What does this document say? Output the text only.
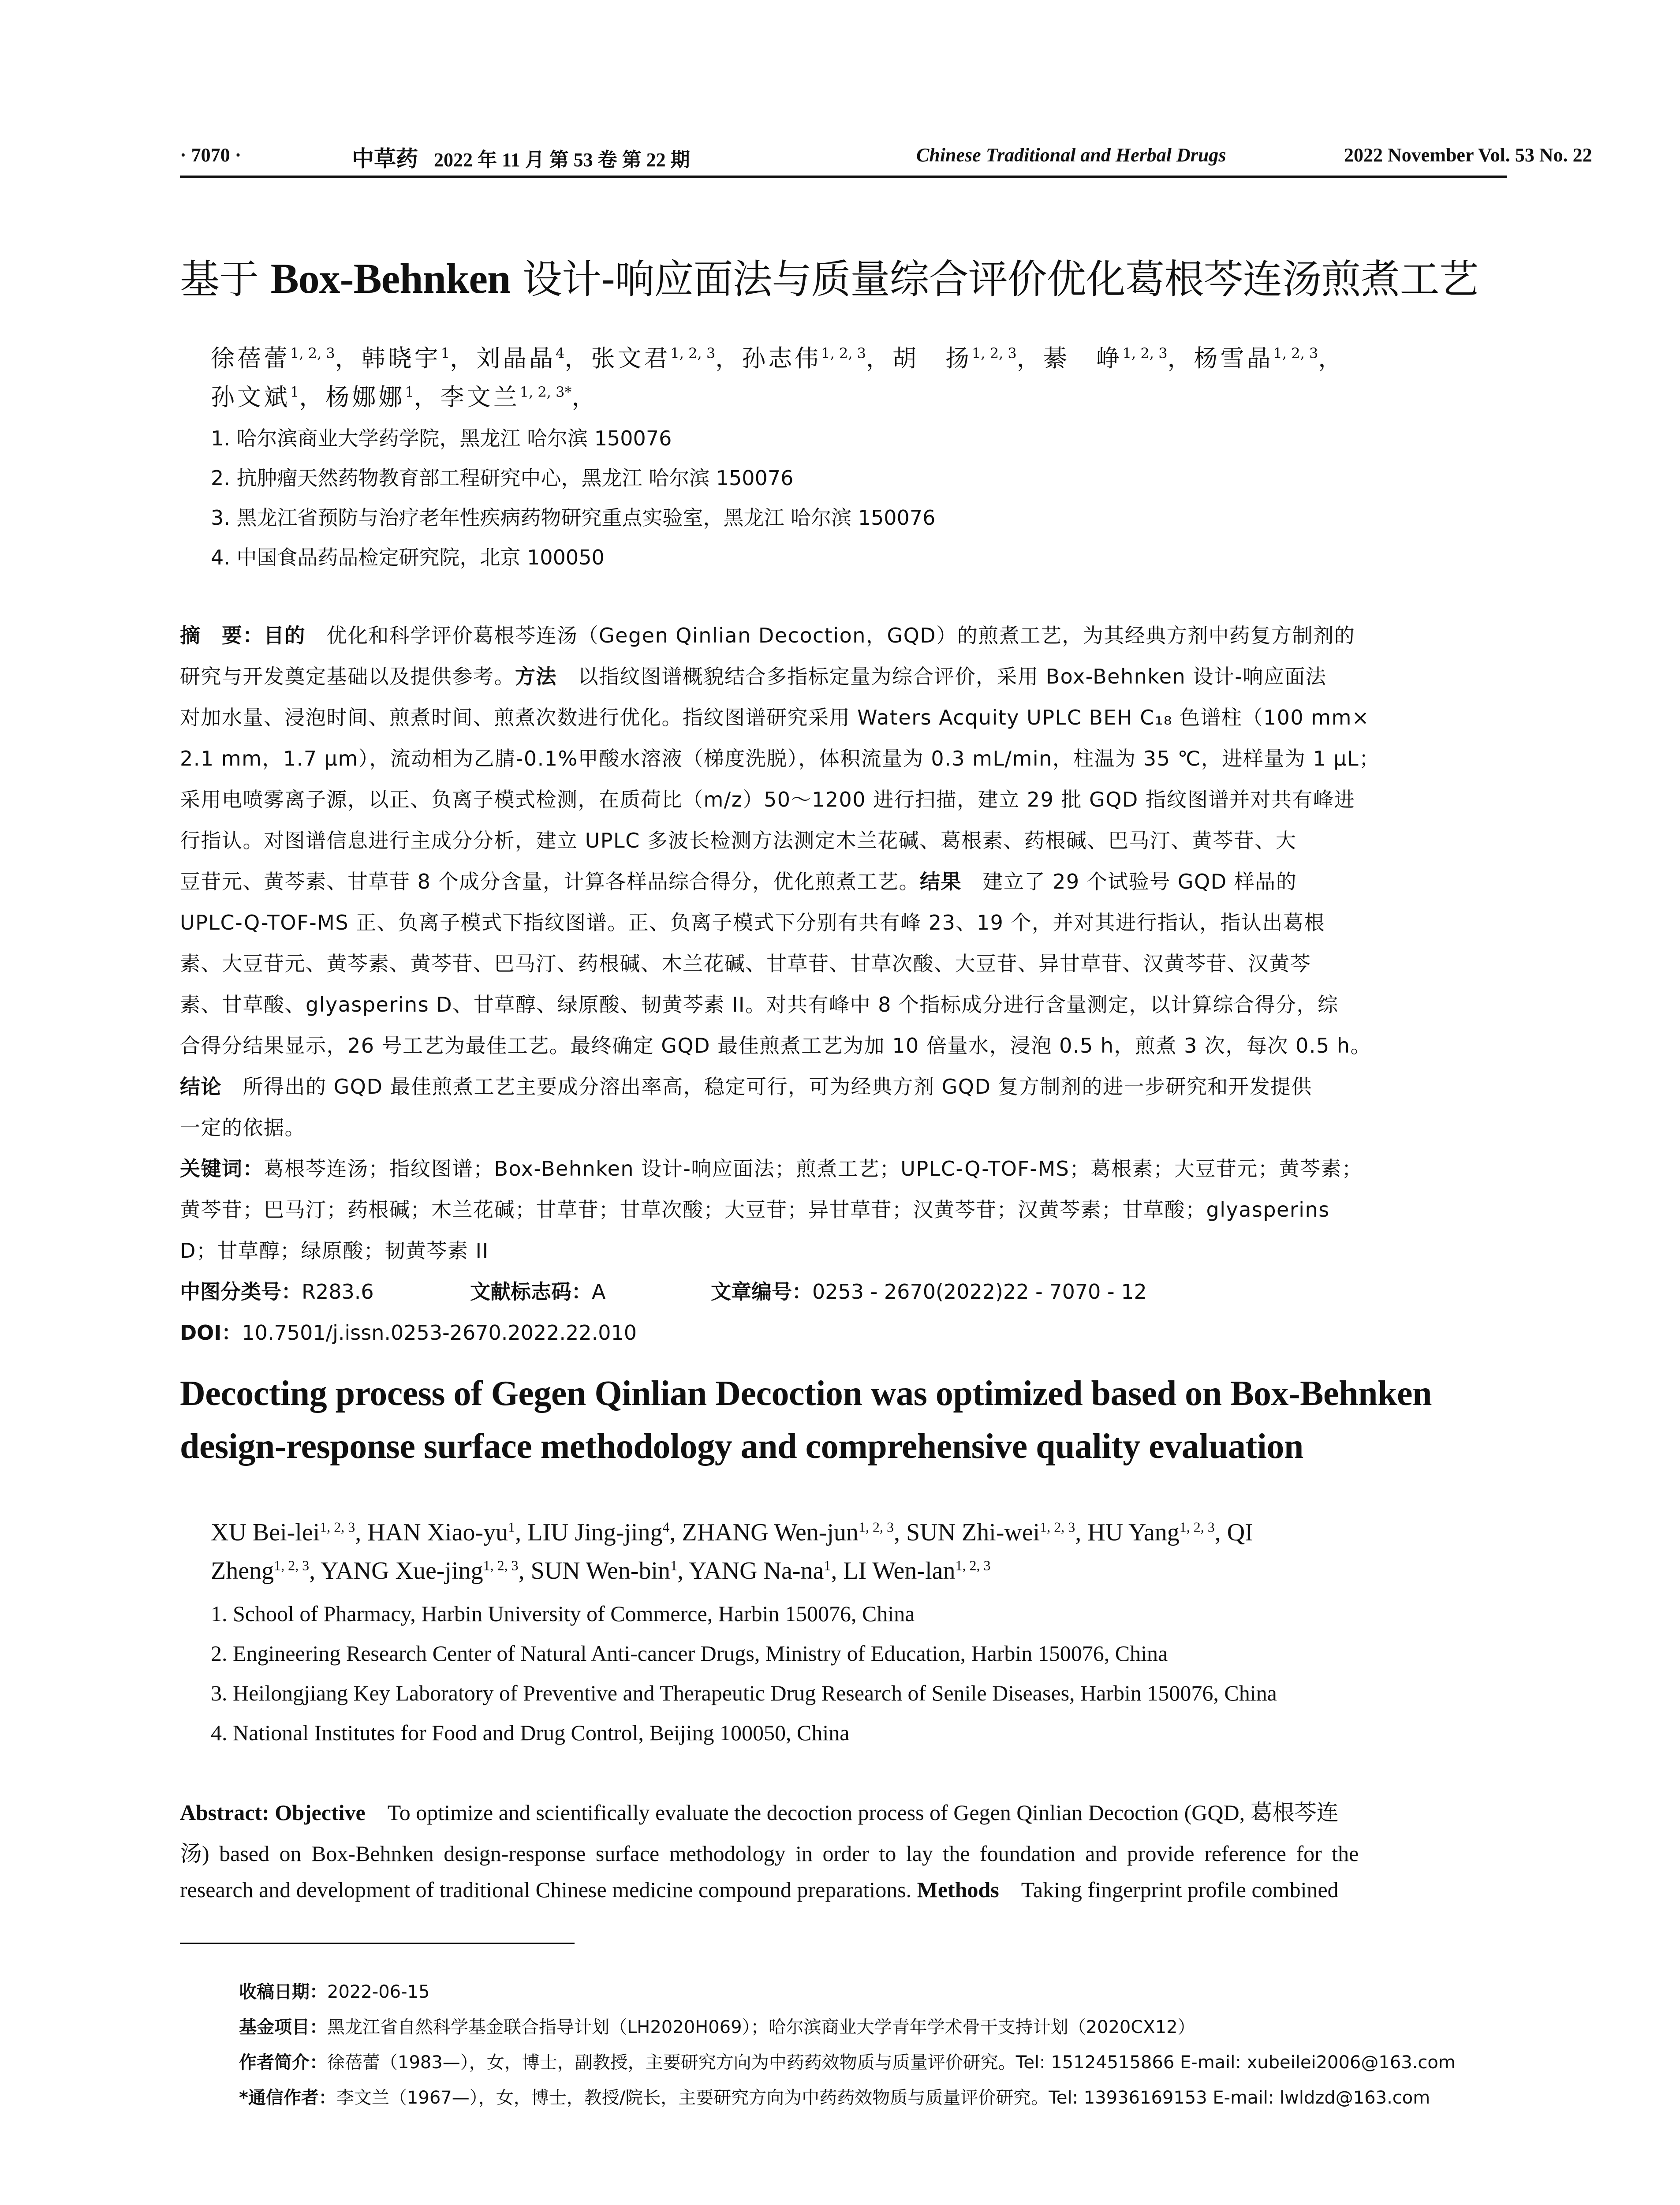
· 7070 ·	中草药 2022 年 11 月 第 53 卷 第 22 期	Chinese Traditional and Herbal Drugs	2022 November Vol. 53 No. 22
基于 Box-Behnken 设计-响应面法与质量综合评价优化葛根芩连汤煎煮工艺
徐蓓蕾$^{1, 2, 3}$，韩晓宇$^1$，刘晶晶$^4$，张文君$^{1, 2, 3}$，孙志伟$^{1, 2, 3}$，胡　扬$^{1, 2, 3}$，綦　峥$^{1, 2, 3}$，杨雪晶$^{1, 2, 3}$，
孙文斌$^1$，杨娜娜$^1$，李文兰$^{1, 2, 3*}$，
1. 哈尔滨商业大学药学院，黑龙江 哈尔滨 150076
2. 抗肿瘤天然药物教育部工程研究中心，黑龙江 哈尔滨 150076
3. 黑龙江省预防与治疗老年性疾病药物研究重点实验室，黑龙江 哈尔滨 150076
4. 中国食品药品检定研究院，北京 100050
摘　要：目的　 优化和科学评价葛根芩连汤（Gegen Qinlian Decoction，GQD）的煎煮工艺，为其经典方剂中药复方制剂的
研究与开发奠定基础以及提供参考。方法　 以指纹图谱概貌结合多指标定量为综合评价，采用 Box-Behnken 设计-响应面法
对加水量、浸泡时间、煎煮时间、煎煮次数进行优化。指纹图谱研究采用 Waters Acquity UPLC BEH C₁₈ 色谱柱（100 mm×
2.1 mm，1.7 μm），流动相为乙腈-0.1%甲酸水溶液（梯度洗脱），体积流量为 0.3 mL/min，柱温为 35 ℃，进样量为 1 μL；
采用电喷雾离子源，以正、负离子模式检测，在质荷比（m/z）50～1200 进行扫描，建立 29 批 GQD 指纹图谱并对共有峰进
行指认。对图谱信息进行主成分分析，建立 UPLC 多波长检测方法测定木兰花碱、葛根素、药根碱、巴马汀、黄芩苷、大
豆苷元、黄芩素、甘草苷 8 个成分含量，计算各样品综合得分，优化煎煮工艺。结果　 建立了 29 个试验号 GQD 样品的
UPLC-Q-TOF-MS 正、负离子模式下指纹图谱。正、负离子模式下分别有共有峰 23、19 个，并对其进行指认，指认出葛根
素、大豆苷元、黄芩素、黄芩苷、巴马汀、药根碱、木兰花碱、甘草苷、甘草次酸、大豆苷、异甘草苷、汉黄芩苷、汉黄芩
素、甘草酸、glyasperins D、甘草醇、绿原酸、韧黄芩素 II。对共有峰中 8 个指标成分进行含量测定，以计算综合得分，综
合得分结果显示，26 号工艺为最佳工艺。最终确定 GQD 最佳煎煮工艺为加 10 倍量水，浸泡 0.5 h，煎煮 3 次，每次 0.5 h。
结论　 所得出的 GQD 最佳煎煮工艺主要成分溶出率高，稳定可行，可为经典方剂 GQD 复方制剂的进一步研究和开发提供
一定的依据。
关键词：葛根芩连汤；指纹图谱；Box-Behnken 设计-响应面法；煎煮工艺；UPLC-Q-TOF-MS；葛根素；大豆苷元；黄芩素；
黄芩苷；巴马汀；药根碱；木兰花碱；甘草苷；甘草次酸；大豆苷；异甘草苷；汉黄芩苷；汉黄芩素；甘草酸；glyasperins
D；甘草醇；绿原酸；韧黄芩素 II
中图分类号：R283.6	文献标志码：A	文章编号：0253 - 2670(2022)22 - 7070 - 12
DOI：10.7501/j.issn.0253-2670.2022.22.010
Decocting process of Gegen Qinlian Decoction was optimized based on Box-Behnken
design-response surface methodology and comprehensive quality evaluation
XU Bei-lei$^{1, 2, 3}$, HAN Xiao-$yu^1$, LIU Jing-jing$^4$, ZHANG Wen-jun$^{1, 2, 3}$, SUN Zhi-wei$^{1, 2, 3}$, HU Yang$^{1, 2, 3}$, QI
Zheng$^{1, 2, 3}$, YANG Xue-jing$^{1, 2, 3}$, SUN Wen-bin$^1$, YANG $Na-na^1$, LI Wen-lan$^{1, 2, 3}$
1. School of Pharmacy, Harbin University of Commerce, Harbin 150076, China
2. Engineering Research Center of Natural Anti-cancer Drugs, Ministry of Education, Harbin 150076, China
3. Heilongjiang Key Laboratory of Preventive and Therapeutic Drug Research of Senile Diseases, Harbin 150076, China
4. National Institutes for Food and Drug Control, Beijing 100050, China
Abstract: Objective To optimize and scientifically evaluate the decoction process of Gegen Qinlian Decoction (GQD, 葛根芩连
汤) based on Box-Behnken design-response surface methodology in order to lay the foundation and provide reference for the
research and development of traditional Chinese medicine compound preparations. Methods Taking fingerprint profile combined
收稿日期：2022-06-15
基金项目：黑龙江省自然科学基金联合指导计划（LH2020H069）；哈尔滨商业大学青年学术骨干支持计划（2020CX12）
作者简介：徐蓓蕾（1983—），女，博士，副教授，主要研究方向为中药药效物质与质量评价研究。Tel: 15124515866 E-mail: xubeilei2006@163.com
*通信作者：李文兰（1967—），女，博士，教授/院长，主要研究方向为中药药效物质与质量评价研究。Tel: 13936169153 E-mail: lwldzd@163.com
